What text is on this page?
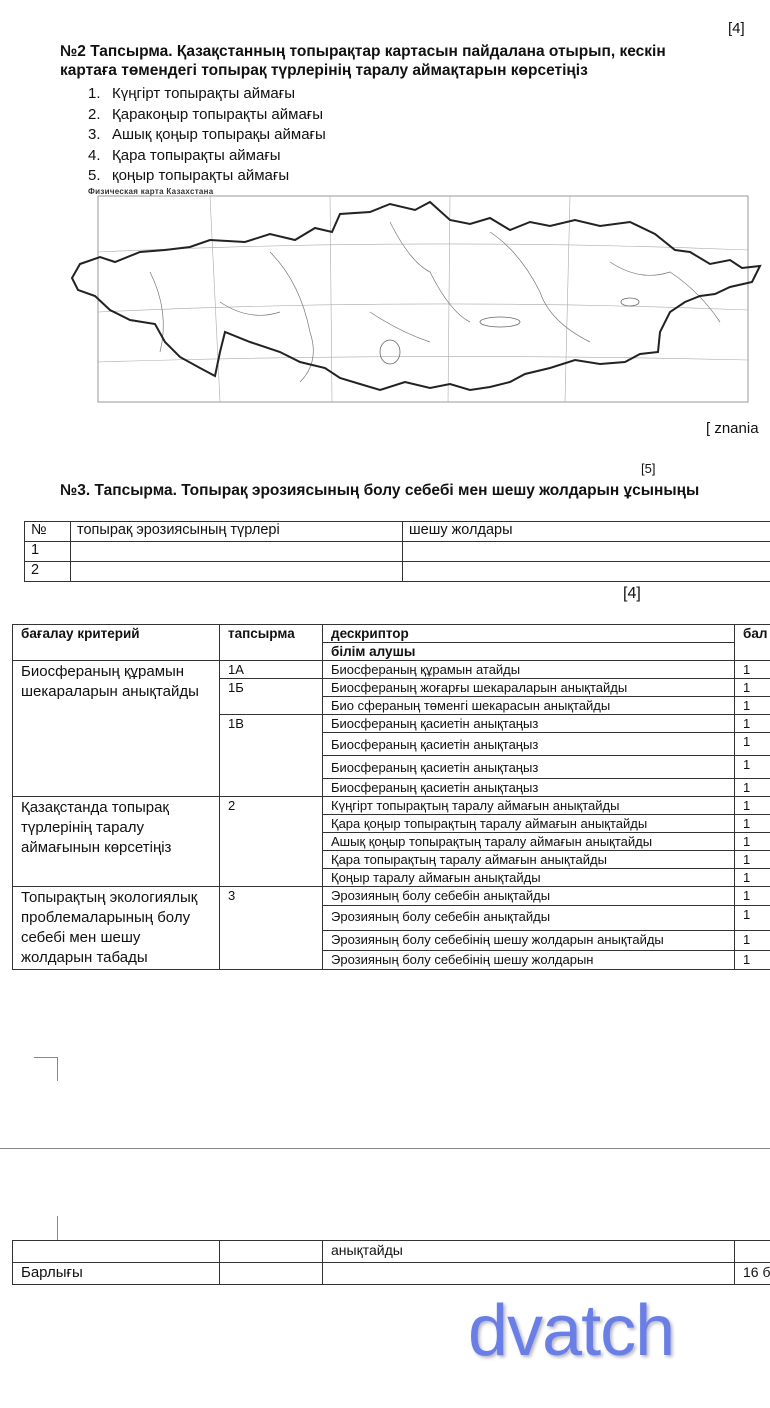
[4]
№2 Тапсырма. Қазақстанның топырақтар картасын пайдалана отырып, кескін
картаға төмендегі топырақ түрлерінің таралу аймақтарын көрсетіңіз
1. Күңгірт топырақты аймағы
2. Қаракоңыр топырақты аймағы
3. Ашық қоңыр топырақы аймағы
4. Қара топырақты аймағы
5. қоңыр топырақты аймағы
Физическая карта Казахстана
[ znania
[5]
№3. Тапсырма. Топырақ эрозиясының болу себебі мен шешу жолдарын ұсыныңы
№	топырақ эрозиясының түрлері	шешу жолдары
1		
2		
[4]
бағалау критерий	тапсырма	дескриптор	бал
		білім алушы	
Биосфераның құрамын шекараларын анықтайды	1А	Биосфераның құрамын атайды	1
	1Б	Биосфераның жоғарғы шекараларын анықтайды	1
		Био сфераның төменгі шекарасын анықтайды	1
	1В	Биосфераның қасиетін анықтаңыз	1
		Биосфераның қасиетін анықтаңыз	1
		Биосфераның қасиетін анықтаңыз	1
		Биосфераның қасиетін анықтаңыз	1
Қазақстанда топырақ түрлерінің таралу аймағынын көрсетіңіз	2	Күңгірт топырақтың таралу аймағын анықтайды	1
		Қара қоңыр топырақтың таралу аймағын анықтайды	1
		Ашық қоңыр топырақтың таралу аймағын анықтайды	1
		Қара топырақтың таралу аймағын анықтайды	1
		Қоңыр таралу аймағын анықтайды	1
Топырақтың экологиялық проблемаларының болу себебі мен шешу жолдарын табады	3	Эрозияның болу себебін анықтайды	1
		Эрозияның болу себебін анықтайды	1
		Эрозияның болу себебінің шешу жолдарын анықтайды	1
		Эрозияның болу себебінің шешу жолдарын	1
		анықтайды	
Барлығы			16 б
dvatch
